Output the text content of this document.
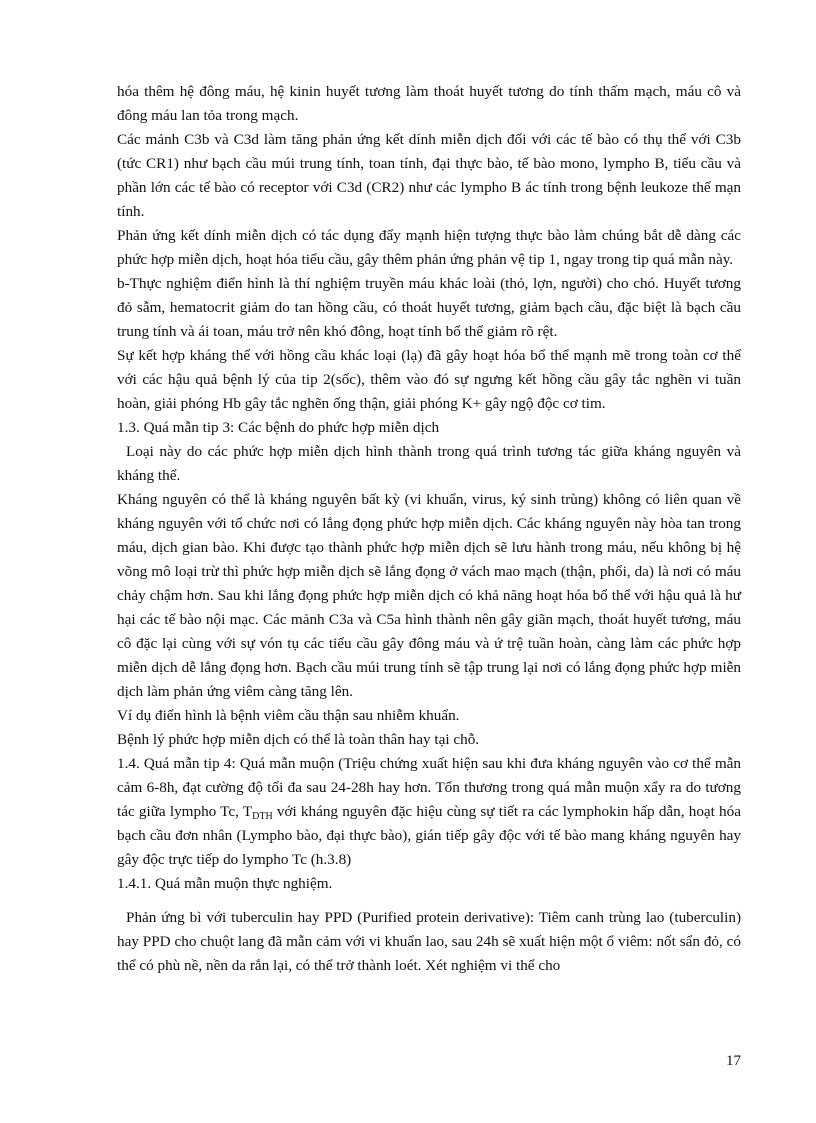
hóa thêm hệ đông máu, hệ kinin huyết tương làm thoát huyết tương do tính thấm mạch, máu cô và đông máu lan tỏa trong mạch.

Các mảnh C3b và C3d làm tăng phản ứng kết dính miễn dịch đối với các tế bào có thụ thể với C3b (tức CR1) như bạch cầu múi trung tính, toan tính, đại thực bào, tế bào mono, lympho B, tiểu cầu và phần lớn các tế bào có receptor với C3d (CR2) như các lympho B ác tính trong bệnh leukoze thể mạn tính.

Phản ứng kết dính miễn dịch có tác dụng đẩy mạnh hiện tượng thực bào làm chúng bắt dễ dàng các phức hợp miễn dịch, hoạt hóa tiểu cầu, gây thêm phản ứng phản vệ tip 1, ngay trong tip quá mẫn này.

b-Thực nghiệm điển hình là thí nghiệm truyền máu khác loài (thỏ, lợn, người) cho chó. Huyết tương đỏ sẫm, hematocrit giảm do tan hồng cầu, có thoát huyết tương, giảm bạch cầu, đặc biệt là bạch cầu trung tính và ái toan, máu trở nên khó đông, hoạt tính bổ thể giảm rõ rệt.

Sự kết hợp kháng thể với hồng cầu khác loại (lạ) đã gây hoạt hóa bổ thể mạnh mẽ trong toàn cơ thể với các hậu quả bệnh lý của tip 2(sốc), thêm vào đó sự ngưng kết hồng cầu gây tắc nghẽn vi tuần hoàn, giải phóng Hb gây tắc nghẽn ống thận, giải phóng K+ gây ngộ độc cơ tim.

1.3. Quá mẫn tip 3: Các bệnh do phức hợp miễn dịch

Loại này do các phức hợp miễn dịch hình thành trong quá trình tương tác giữa kháng nguyên và kháng thể.

Kháng nguyên có thể là kháng nguyên bất kỳ (vi khuẩn, virus, ký sinh trùng) không có liên quan về kháng nguyên với tổ chức nơi có lắng đọng phức hợp miễn dịch. Các kháng nguyên này hòa tan trong máu, dịch gian bào. Khi được tạo thành phức hợp miễn dịch sẽ lưu hành trong máu, nếu không bị hệ võng mô loại trừ thì phức hợp miễn dịch sẽ lắng đọng ở vách mao mạch (thận, phổi, da) là nơi có máu chảy chậm hơn. Sau khi lắng đọng phức hợp miễn dịch có khả năng hoạt hóa bổ thể với hậu quả là hư hại các tế bào nội mạc. Các mảnh C3a và C5a hình thành nên gây giãn mạch, thoát huyết tương, máu cô đặc lại cùng với sự vón tụ các tiểu cầu gây đông máu và ứ trệ tuần hoàn, càng làm các phức hợp miễn dịch dễ lắng đọng hơn. Bạch cầu múi trung tính sẽ tập trung lại nơi có lắng đọng phức hợp miễn dịch làm phản ứng viêm càng tăng lên.

Ví dụ điển hình là bệnh viêm cầu thận sau nhiễm khuẩn.

Bệnh lý phức hợp miễn dịch có thể là toàn thân hay tại chỗ.

1.4. Quá mẫn tip 4: Quá mẫn muộn (Triệu chứng xuất hiện sau khi đưa kháng nguyên vào cơ thể mẫn cảm 6-8h, đạt cường độ tối đa sau 24-28h hay hơn. Tổn thương trong quá mẫn muộn xẩy ra do tương tác giữa lympho Tc, $T_{DTH}$ với kháng nguyên đặc hiệu cùng sự tiết ra các lymphokin hấp dẫn, hoạt hóa bạch cầu đơn nhân (Lympho bào, đại thực bào), gián tiếp gây độc với tế bào mang kháng nguyên hay gây độc trực tiếp do lympho Tc (h.3.8)

1.4.1. Quá mẫn muộn thực nghiệm.

Phản ứng bì với tuberculin hay PPD (Purified protein derivative): Tiêm canh trùng lao (tuberculin) hay PPD cho chuột lang đã mẫn cảm với vi khuẩn lao, sau 24h sẽ xuất hiện một ổ viêm: nốt sẩn đỏ, có thể có phù nề, nền da rắn lại, có thể trở thành loét. Xét nghiệm vi thể cho

17
